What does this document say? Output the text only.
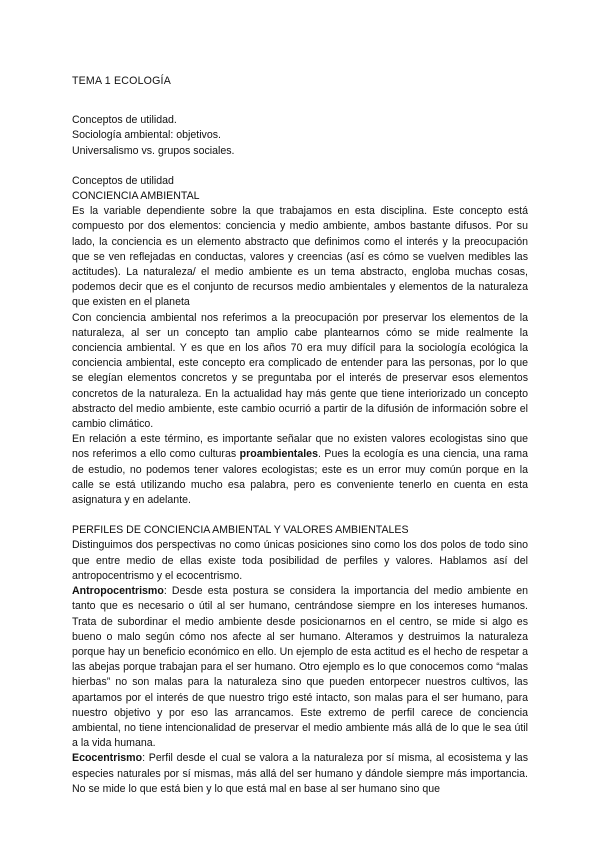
TEMA 1 ECOLOGÍA

Conceptos de utilidad.

Sociología ambiental: objetivos.

Universalismo vs. grupos sociales.

Conceptos de utilidad

CONCIENCIA AMBIENTAL

Es la variable dependiente sobre la que trabajamos en esta disciplina. Este concepto está compuesto por dos elementos: conciencia y medio ambiente, ambos bastante difusos. Por su lado, la conciencia es un elemento abstracto que definimos como el interés y la preocupación que se ven reflejadas en conductas, valores y creencias (así es cómo se vuelven medibles las actitudes). La naturaleza/ el medio ambiente es un tema abstracto, engloba muchas cosas, podemos decir que es el conjunto de recursos medio ambientales y elementos de la naturaleza que existen en el planeta

Con conciencia ambiental nos referimos a la preocupación por preservar los elementos de la naturaleza, al ser un concepto tan amplio cabe plantearnos cómo se mide realmente la conciencia ambiental. Y es que en los años 70 era muy difícil para la sociología ecológica la conciencia ambiental, este concepto era complicado de entender para las personas, por lo que se elegían elementos concretos y se preguntaba por el interés de preservar esos elementos concretos de la naturaleza. En la actualidad hay más gente que tiene interiorizado un concepto abstracto del medio ambiente, este cambio ocurrió a partir de la difusión de información sobre el cambio climático.

En relación a este término, es importante señalar que no existen valores ecologistas sino que nos referimos a ello como culturas proambientales. Pues la ecología es una ciencia, una rama de estudio, no podemos tener valores ecologistas; este es un error muy común porque en la calle se está utilizando mucho esa palabra, pero es conveniente tenerlo en cuenta en esta asignatura y en adelante.

PERFILES DE CONCIENCIA AMBIENTAL Y VALORES AMBIENTALES

Distinguimos dos perspectivas no como únicas posiciones sino como los dos polos de todo sino que entre medio de ellas existe toda posibilidad de perfiles y valores. Hablamos así del antropocentrismo y el ecocentrismo.

Antropocentrismo: Desde esta postura se considera la importancia del medio ambiente en tanto que es necesario o útil al ser humano, centrándose siempre en los intereses humanos. Trata de subordinar el medio ambiente desde posicionarnos en el centro, se mide si algo es bueno o malo según cómo nos afecte al ser humano. Alteramos y destruimos la naturaleza porque hay un beneficio económico en ello. Un ejemplo de esta actitud es el hecho de respetar a las abejas porque trabajan para el ser humano. Otro ejemplo es lo que conocemos como “malas hierbas” no son malas para la naturaleza sino que pueden entorpecer nuestros cultivos, las apartamos por el interés de que nuestro trigo esté intacto, son malas para el ser humano, para nuestro objetivo y por eso las arrancamos. Este extremo de perfil carece de conciencia ambiental, no tiene intencionalidad de preservar el medio ambiente más allá de lo que le sea útil a la vida humana.

Ecocentrismo: Perfil desde el cual se valora a la naturaleza por sí misma, al ecosistema y las especies naturales por sí mismas, más allá del ser humano y dándole siempre más importancia. No se mide lo que está bien y lo que está mal en base al ser humano sino que
